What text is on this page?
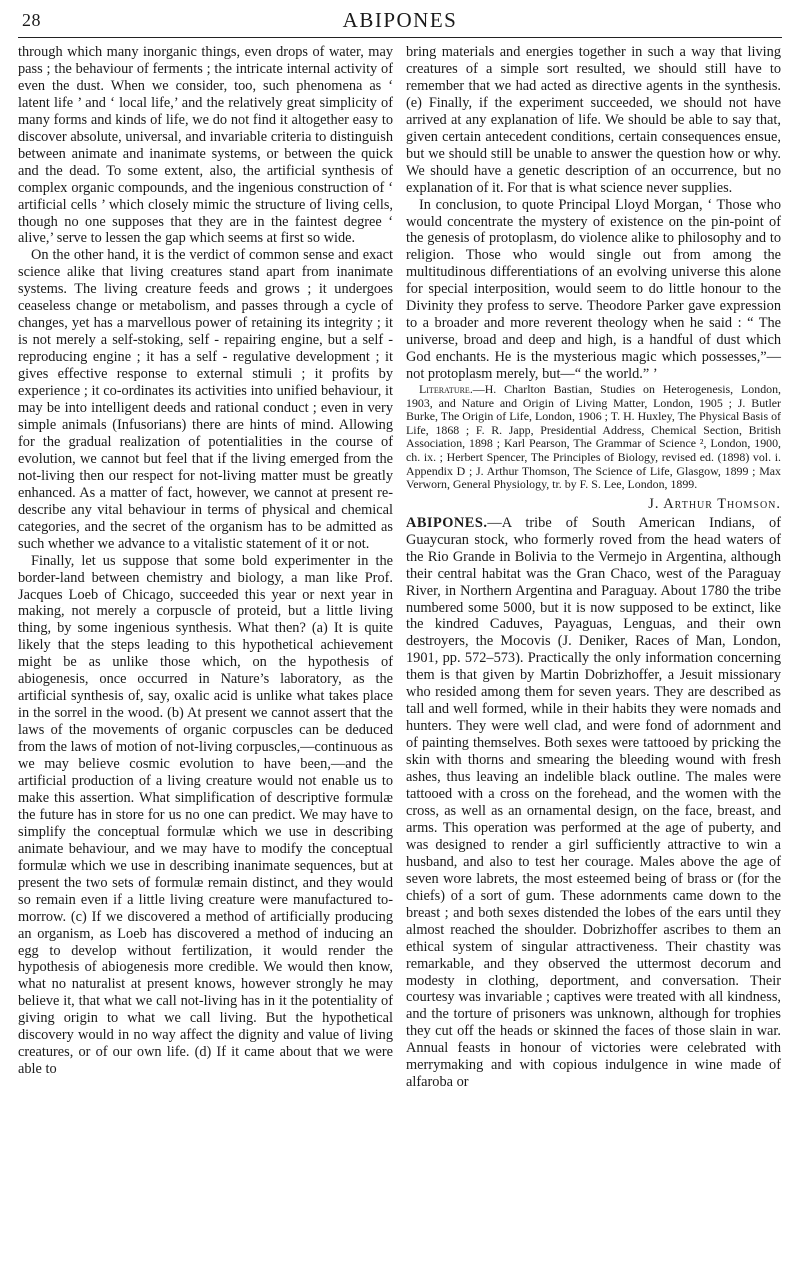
28	ABIPONES

through which many inorganic things, even drops of water, may pass ; the behaviour of ferments ; the intricate internal activity of even the dust. When we consider, too, such phenomena as ‘ latent life ’ and ‘ local life,’ and the relatively great simplicity of many forms and kinds of life, we do not find it altogether easy to discover absolute, universal, and invariable criteria to distinguish between animate and inanimate systems, or between the quick and the dead. To some extent, also, the artificial synthesis of complex organic compounds, and the ingenious construction of ‘ artificial cells ’ which closely mimic the structure of living cells, though no one supposes that they are in the faintest degree ‘ alive,’ serve to lessen the gap which seems at first so wide.

On the other hand, it is the verdict of common sense and exact science alike that living creatures stand apart from inanimate systems. The living creature feeds and grows ; it undergoes ceaseless change or metabolism, and passes through a cycle of changes, yet has a marvellous power of retaining its integrity ; it is not merely a self-stoking, self - repairing engine, but a self - reproducing engine ; it has a self - regulative development ; it gives effective response to external stimuli ; it profits by experience ; it co-ordinates its activities into unified behaviour, it may be into intelligent deeds and rational conduct ; even in very simple animals (Infusorians) there are hints of mind. Allowing for the gradual realization of potentialities in the course of evolution, we cannot but feel that if the living emerged from the not-living then our respect for not-living matter must be greatly enhanced. As a matter of fact, however, we cannot at present re-describe any vital behaviour in terms of physical and chemical categories, and the secret of the organism has to be admitted as such whether we advance to a vitalistic statement of it or not.

Finally, let us suppose that some bold experimenter in the border-land between chemistry and biology, a man like Prof. Jacques Loeb of Chicago, succeeded this year or next year in making, not merely a corpuscle of proteid, but a little living thing, by some ingenious synthesis. What then? (a) It is quite likely that the steps leading to this hypothetical achievement might be as unlike those which, on the hypothesis of abiogenesis, once occurred in Nature’s laboratory, as the artificial synthesis of, say, oxalic acid is unlike what takes place in the sorrel in the wood. (b) At present we cannot assert that the laws of the movements of organic corpuscles can be deduced from the laws of motion of not-living corpuscles,—continuous as we may believe cosmic evolution to have been,—and the artificial production of a living creature would not enable us to make this assertion. What simplification of descriptive formulæ the future has in store for us no one can predict. We may have to simplify the conceptual formulæ which we use in describing animate behaviour, and we may have to modify the conceptual formulæ which we use in describing inanimate sequences, but at present the two sets of formulæ remain distinct, and they would so remain even if a little living creature were manufactured to-morrow. (c) If we discovered a method of artificially producing an organism, as Loeb has discovered a method of inducing an egg to develop without fertilization, it would render the hypothesis of abiogenesis more credible. We would then know, what no naturalist at present knows, however strongly he may believe it, that what we call not-living has in it the potentiality of giving origin to what we call living. But the hypothetical discovery would in no way affect the dignity and value of living creatures, or of our own life. (d) If it came about that we were able to

bring materials and energies together in such a way that living creatures of a simple sort resulted, we should still have to remember that we had acted as directive agents in the synthesis. (e) Finally, if the experiment succeeded, we should not have arrived at any explanation of life. We should be able to say that, given certain antecedent conditions, certain consequences ensue, but we should still be unable to answer the question how or why. We should have a genetic description of an occurrence, but no explanation of it. For that is what science never supplies.

In conclusion, to quote Principal Lloyd Morgan, ‘ Those who would concentrate the mystery of existence on the pin-point of the genesis of protoplasm, do violence alike to philosophy and to religion. Those who would single out from among the multitudinous differentiations of an evolving universe this alone for special interposition, would seem to do little honour to the Divinity they profess to serve. Theodore Parker gave expression to a broader and more reverent theology when he said : “ The universe, broad and deep and high, is a handful of dust which God enchants. He is the mysterious magic which possesses,”—not protoplasm merely, but—“ the world.” ’

Literature.—H. Charlton Bastian, Studies on Heterogenesis, London, 1903, and Nature and Origin of Living Matter, London, 1905 ; J. Butler Burke, The Origin of Life, London, 1906 ; T. H. Huxley, The Physical Basis of Life, 1868 ; F. R. Japp, Presidential Address, Chemical Section, British Association, 1898 ; Karl Pearson, The Grammar of Science ², London, 1900, ch. ix. ; Herbert Spencer, The Principles of Biology, revised ed. (1898) vol. i. Appendix D ; J. Arthur Thomson, The Science of Life, Glasgow, 1899 ; Max Verworn, General Physiology, tr. by F. S. Lee, London, 1899.

J. Arthur Thomson.

ABIPONES.—A tribe of South American Indians, of Guaycuran stock, who formerly roved from the head waters of the Rio Grande in Bolivia to the Vermejo in Argentina, although their central habitat was the Gran Chaco, west of the Paraguay River, in Northern Argentina and Paraguay. About 1780 the tribe numbered some 5000, but it is now supposed to be extinct, like the kindred Caduves, Payaguas, Lenguas, and their own destroyers, the Mocovis (J. Deniker, Races of Man, London, 1901, pp. 572–573). Practically the only information concerning them is that given by Martin Dobrizhoffer, a Jesuit missionary who resided among them for seven years. They are described as tall and well formed, while in their habits they were nomads and hunters. They were well clad, and were fond of adornment and of painting themselves. Both sexes were tattooed by pricking the skin with thorns and smearing the bleeding wound with fresh ashes, thus leaving an indelible black outline. The males were tattooed with a cross on the forehead, and the women with the cross, as well as an ornamental design, on the face, breast, and arms. This operation was performed at the age of puberty, and was designed to render a girl sufficiently attractive to win a husband, and also to test her courage. Males above the age of seven wore labrets, the most esteemed being of brass or (for the chiefs) of a sort of gum. These adornments came down to the breast ; and both sexes distended the lobes of the ears until they almost reached the shoulder. Dobrizhoffer ascribes to them an ethical system of singular attractiveness. Their chastity was remarkable, and they observed the uttermost decorum and modesty in clothing, deportment, and conversation. Their courtesy was invariable ; captives were treated with all kindness, and the torture of prisoners was unknown, although for trophies they cut off the heads or skinned the faces of those slain in war. Annual feasts in honour of victories were celebrated with merrymaking and with copious indulgence in wine made of alfaroba or
